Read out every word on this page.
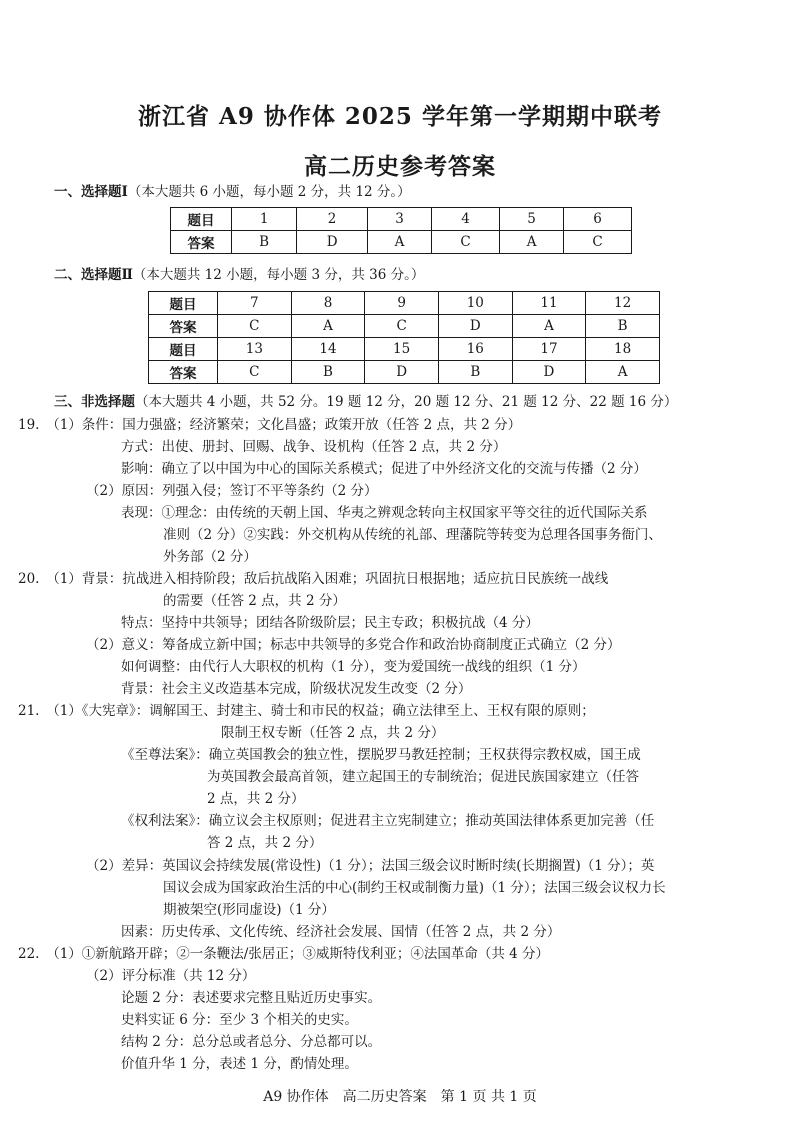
浙江省 A9 协作体 2025 学年第一学期期中联考
高二历史参考答案
一、选择题Ⅰ（本大题共 6 小题，每小题 2 分，共 12 分。）
题目	1	2	3	4	5	6
答案	B	D	A	C	A	C
二、选择题Ⅱ（本大题共 12 小题，每小题 3 分，共 36 分。）
题目	7	8	9	10	11	12
答案	C	A	C	D	A	B
题目	13	14	15	16	17	18
答案	C	B	D	B	D	A
三、非选择题（本大题共 4 小题，共 52 分。19 题 12 分，20 题 12 分、21 题 12 分、22 题 16 分）
19.　（1）条件：国力强盛；经济繁荣；文化昌盛；政策开放（任答 2 点，共 2 分）
方式：出使、册封、回赐、战争、设机构（任答 2 点，共 2 分）
影响：确立了以中国为中心的国际关系模式；促进了中外经济文化的交流与传播（2 分）
（2）原因：列强入侵；签订不平等条约（2 分）
表现：①理念：由传统的天朝上国、华夷之辨观念转向主权国家平等交往的近代国际关系
准则（2 分）②实践：外交机构从传统的礼部、理藩院等转变为总理各国事务衙门、
外务部（2 分）
20.　（1）背景：抗战进入相持阶段；敌后抗战陷入困难；巩固抗日根据地；适应抗日民族统一战线
的需要（任答 2 点，共 2 分）
特点：坚持中共领导；团结各阶级阶层；民主专政；积极抗战（4 分）
（2）意义：筹备成立新中国；标志中共领导的多党合作和政治协商制度正式确立（2 分）
如何调整：由代行人大职权的机构（1 分），变为爱国统一战线的组织（1 分）
背景：社会主义改造基本完成，阶级状况发生改变（2 分）
21.　（1）《大宪章》：调解国王、封建主、骑士和市民的权益；确立法律至上、王权有限的原则；
限制王权专断（任答 2 点，共 2 分）
《至尊法案》：确立英国教会的独立性，摆脱罗马教廷控制；王权获得宗教权威，国王成
为英国教会最高首领，建立起国王的专制统治；促进民族国家建立（任答
2 点，共 2 分）
《权利法案》：确立议会主权原则；促进君主立宪制建立；推动英国法律体系更加完善（任
答 2 点，共 2 分）
（2）差异：英国议会持续发展(常设性)（1 分）；法国三级会议时断时续(长期搁置)（1 分）；英
国议会成为国家政治生活的中心(制约王权或制衡力量)（1 分）；法国三级会议权力长
期被架空(形同虚设)（1 分）
因素：历史传承、文化传统、经济社会发展、国情（任答 2 点，共 2 分）
22.　（1）①新航路开辟；②一条鞭法/张居正；③威斯特伐利亚；④法国革命（共 4 分）
（2）评分标准（共 12 分）
论题 2 分：表述要求完整且贴近历史事实。
史料实证 6 分：至少 3 个相关的史实。
结构 2 分：总分总或者总分、分总都可以。
价值升华 1 分，表述 1 分，酌情处理。
A9 协作体　高二历史答案　第 1 页 共 1 页
